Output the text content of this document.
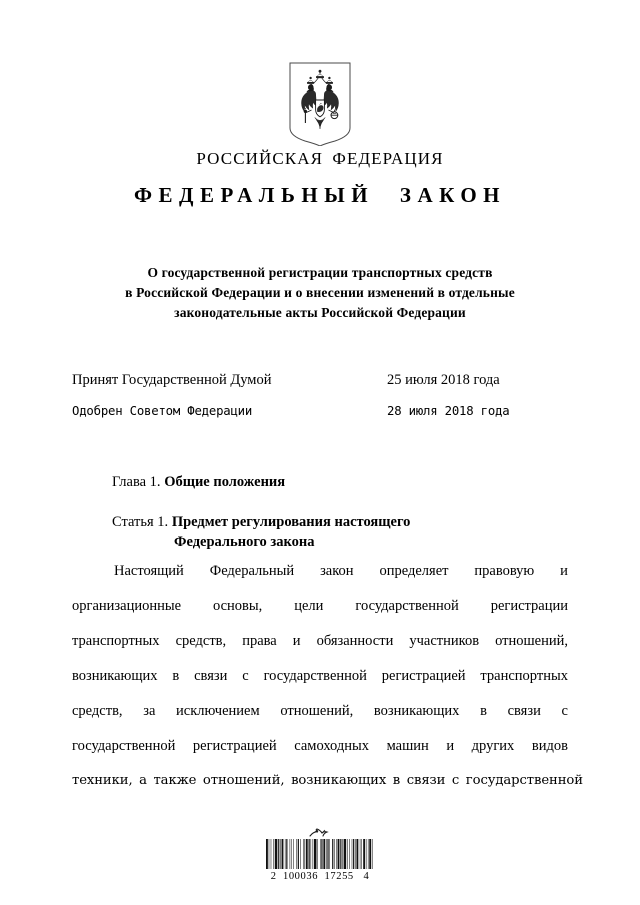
РОССИЙСКАЯ ФЕДЕРАЦИЯ
ФЕДЕРАЛЬНЫЙ ЗАКОН
О государственной регистрации транспортных средств
в Российской Федерации и о внесении изменений в отдельные
законодательные акты Российской Федерации
Принят Государственной Думой	25 июля 2018 года
Одобрен Советом Федерации	28 июля 2018 года
Глава 1. Общие положения
Статья 1. Предмет регулирования настоящего
Федерального закона
Настоящий Федеральный закон определяет правовую и
организационные основы, цели государственной регистрации
транспортных средств, права и обязанности участников отношений,
возникающих в связи с государственной регистрацией транспортных
средств, за исключением отношений, возникающих в связи с
государственной регистрацией самоходных машин и других видов
техники, а также отношений, возникающих в связи с государственной
2  100036  17255   4
